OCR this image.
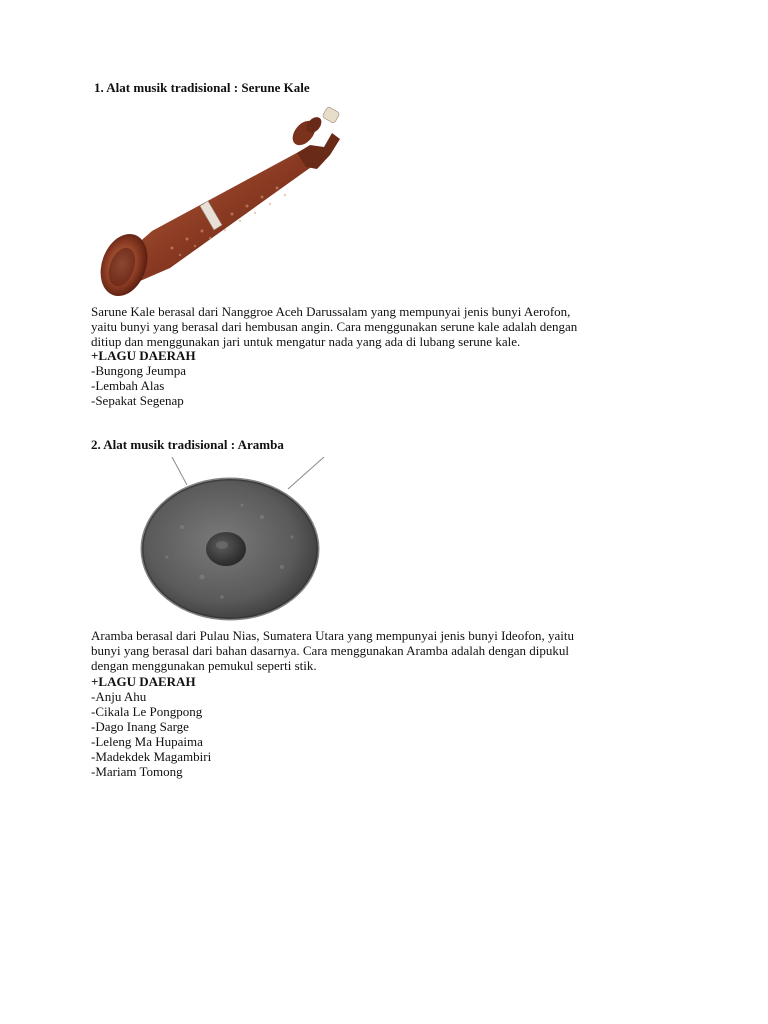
1. Alat musik tradisional : Serune Kale

Sarune Kale berasal dari Nanggroe Aceh Darussalam yang mempunyai jenis bunyi Aerofon,
yaitu bunyi yang berasal dari hembusan angin. Cara menggunakan serune kale adalah dengan
ditiup dan menggunakan jari untuk mengatur nada yang ada di lubang serune kale.

+LAGU DAERAH
-Bungong Jeumpa
-Lembah Alas
-Sepakat Segenap
2. Alat musik tradisional : Aramba

Aramba berasal dari Pulau Nias, Sumatera Utara yang mempunyai jenis bunyi Ideofon, yaitu
bunyi yang berasal dari bahan dasarnya. Cara menggunakan Aramba adalah dengan dipukul
dengan menggunakan pemukul seperti stik.

+LAGU DAERAH
-Anju Ahu
-Cikala Le Pongpong
-Dago Inang Sarge
-Leleng Ma Hupaima
-Madekdek Magambiri
-Mariam Tomong
